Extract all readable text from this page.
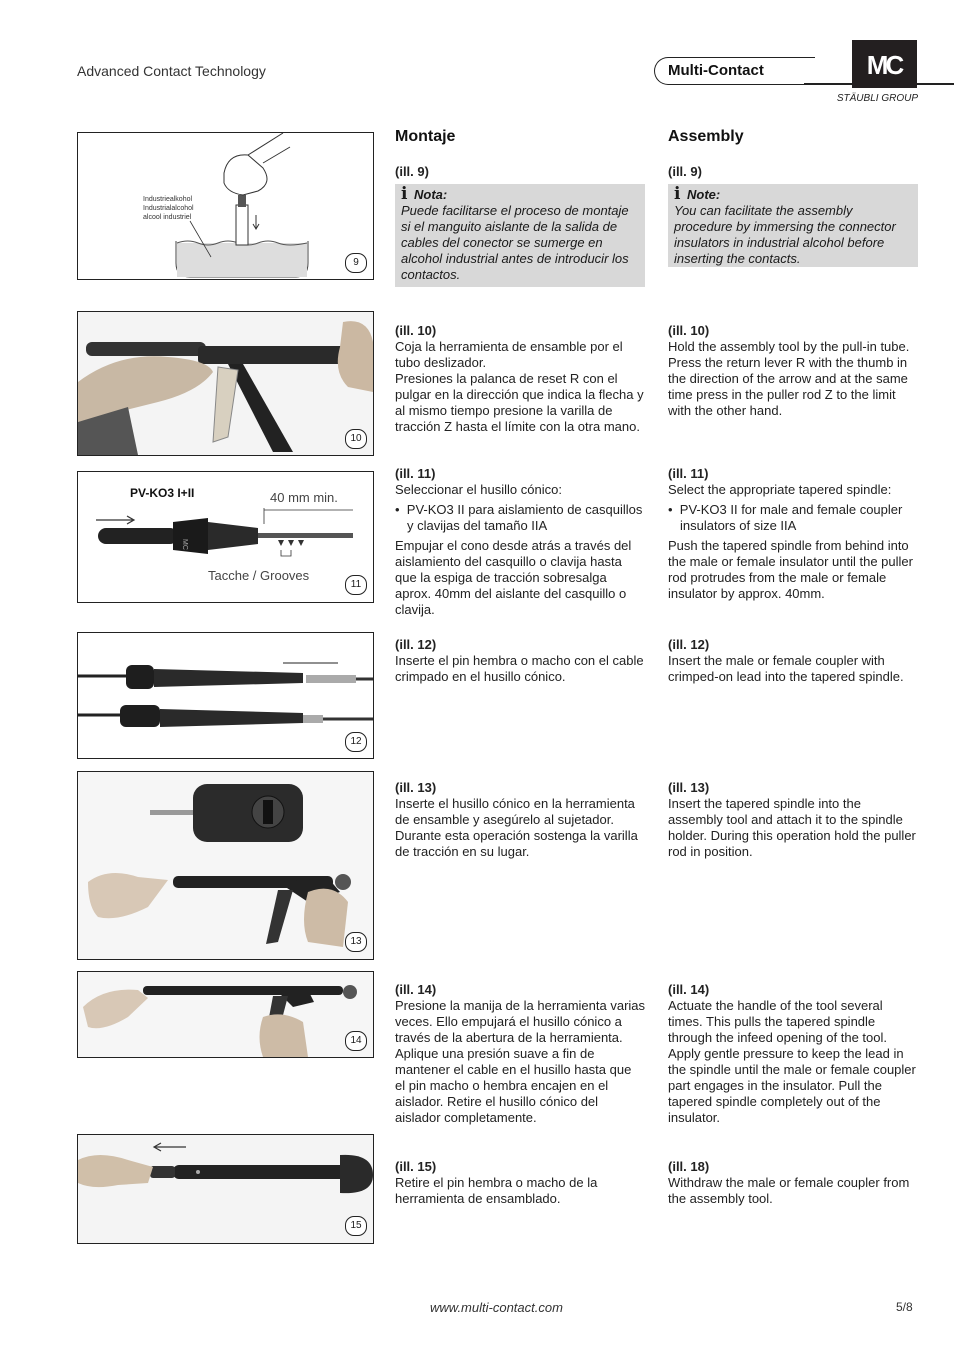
Advanced Contact Technology	Multi-Contact	MC
STÄUBLI GROUP
Industriealkohol
Industrialalcohol
alcool industriel
9
10
PV-KO3 I+II	40 mm min.
MC
Tacche / Grooves
11
12
13
14
15
Montaje
(ill. 9)
i Nota:
Puede facilitarse el proceso de montaje si el manguito aislante de la salida de cables del conector se sumerge en alcohol industrial antes de introducir los contactos.

(ill. 10)
Coja la herramienta de ensamble por el tubo deslizador.
Presiones la palanca de reset R con el pulgar en la dirección que indica la flecha y al mismo tiempo presione la varilla de tracción Z hasta el límite con la otra mano.

(ill. 11)

Seleccionar el husillo cónico:

•  PV-KO3 II para aislamiento de casquillos y clavijas del tamaño IIA

Empujar el cono desde atrás a través del aislamiento del casquillo o clavija hasta que la espiga de tracción sobresalga aprox. 40mm del aislante del casquillo o clavija.

(ill. 12)
Inserte el pin hembra o macho con el cable crimpado en el husillo cónico.
(ill. 13)
Inserte el husillo cónico en la herramienta de ensamble y asegúrelo al sujetador. Durante esta operación sostenga la varilla de tracción en su lugar.
(ill. 14)
Presione la manija de la herramienta varias veces. Ello empujará el husillo cónico a través de la abertura de la herramienta. Aplique una presión suave a fin de mantener el cable en el husillo hasta que el pin macho o hembra encajen en el aislador. Retire el husillo cónico del aislador completamente.
(ill. 15)
Retire el pin hembra o macho de la herramienta de ensamblado.
Assembly
(ill. 9)
i Note:
You can facilitate the assembly procedure by immersing the connector insulators in industrial alcohol before inserting the contacts.

(ill. 10)
Hold the assembly tool by the pull-in tube.
Press the return lever R with the thumb in the direction of the arrow and at the same time press in the puller rod Z to the limit with the other hand.

(ill. 11)

Select the appropriate tapered spindle:

•  PV-KO3 II for male and female coupler insulators of size IIA

Push the tapered spindle from behind into the male or female insulator until the puller rod protrudes from the male or female insulator by approx. 40mm.

(ill. 12)
Insert the male or female coupler with crimped-on lead into the tapered spindle.
(ill. 13)
Insert the tapered spindle into the assembly tool and attach it to the spindle holder. During this operation hold the puller rod in position.
(ill. 14)
Actuate the handle of the tool several times. This pulls the tapered spindle through the infeed opening of the tool. Apply gentle pressure to keep the lead in the spindle until the male or female coupler part engages in the insulator. Pull the tapered spindle completely out of the insulator.
(ill. 18)
Withdraw the male or female coupler from the assembly tool.
www.multi-contact.com	5/8
